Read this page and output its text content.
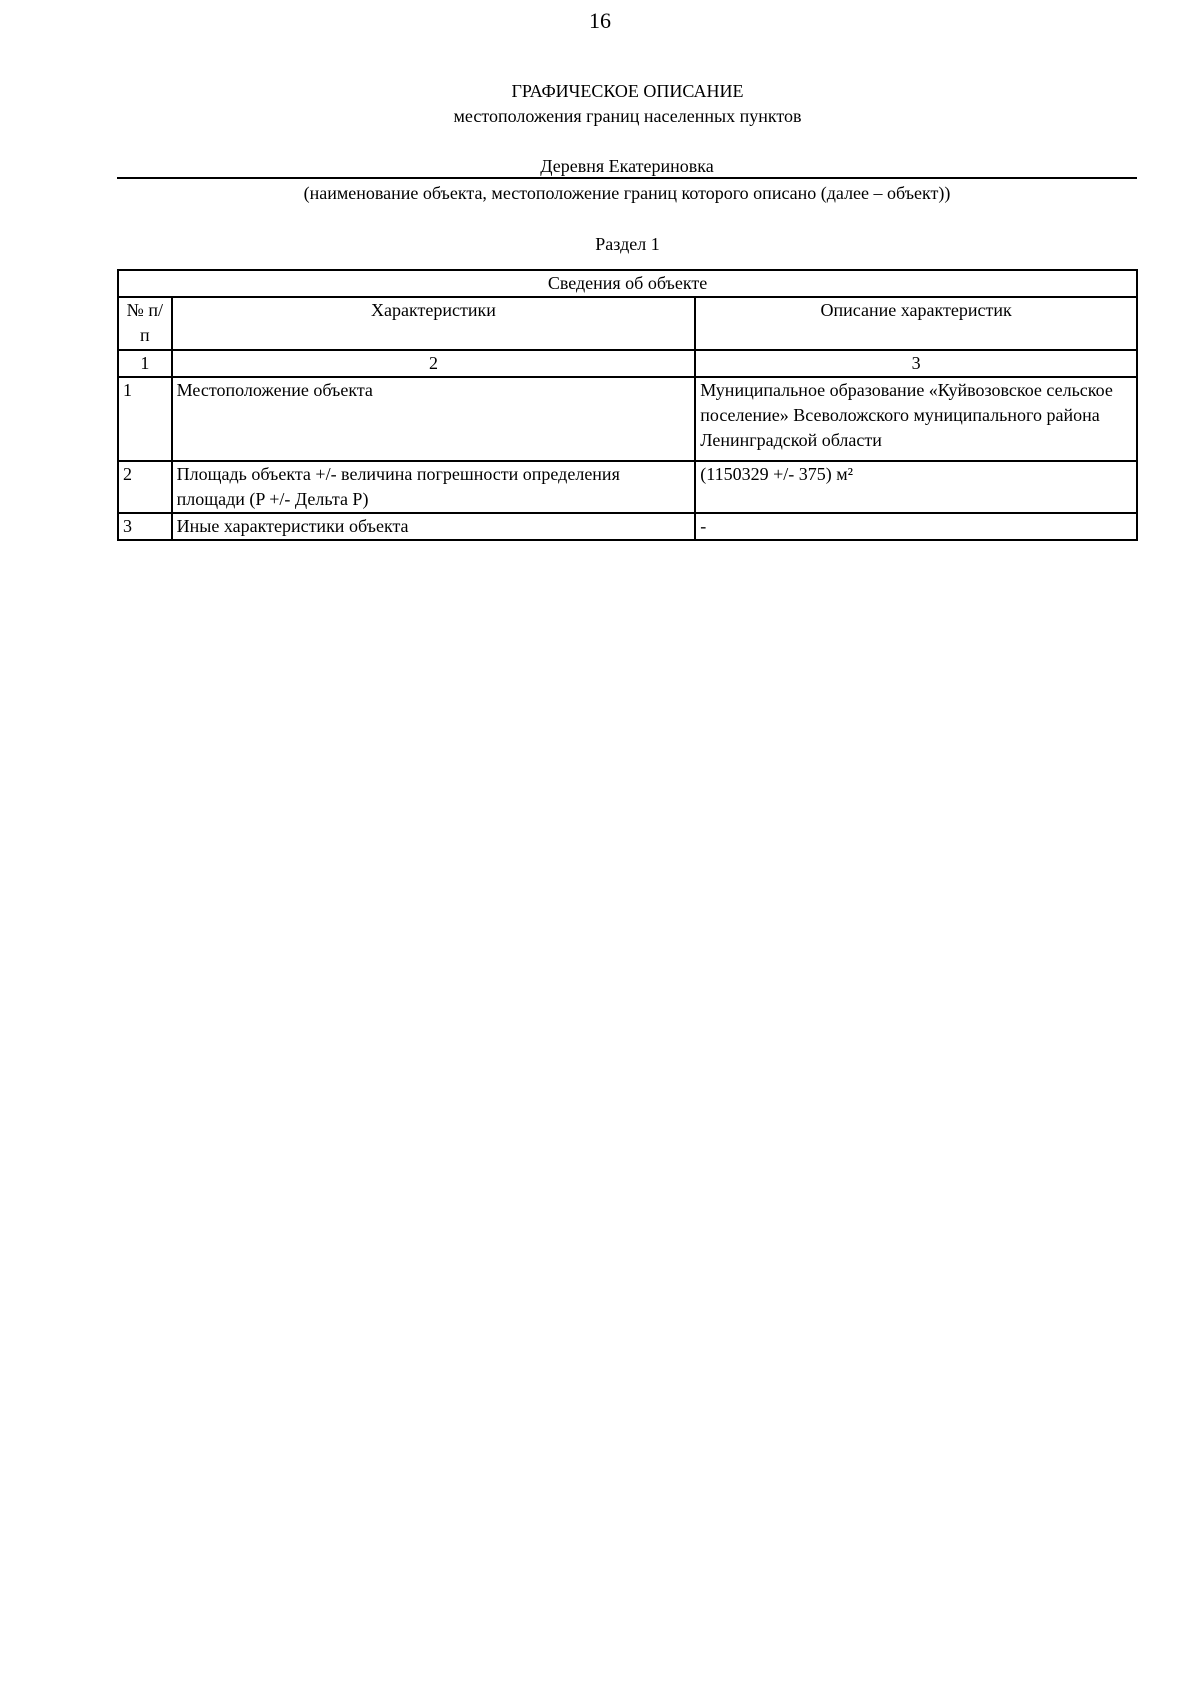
16
ГРАФИЧЕСКОЕ ОПИСАНИЕ
местоположения границ населенных пунктов
Деревня Екатериновка
(наименование объекта, местоположение границ которого описано (далее – объект))
Раздел 1
Сведения об объекте		
№ п/п	Характеристики	Описание характеристик
1	2	3
1	Местоположение объекта	Муниципальное образование «Куйвозовское сельское поселение» Всеволожского муниципального района Ленинградской области
2	Площадь объекта +/- величина погрешности определения площади (P +/- Дельта P)	(1150329 +/- 375) м²
3	Иные характеристики объекта	-
